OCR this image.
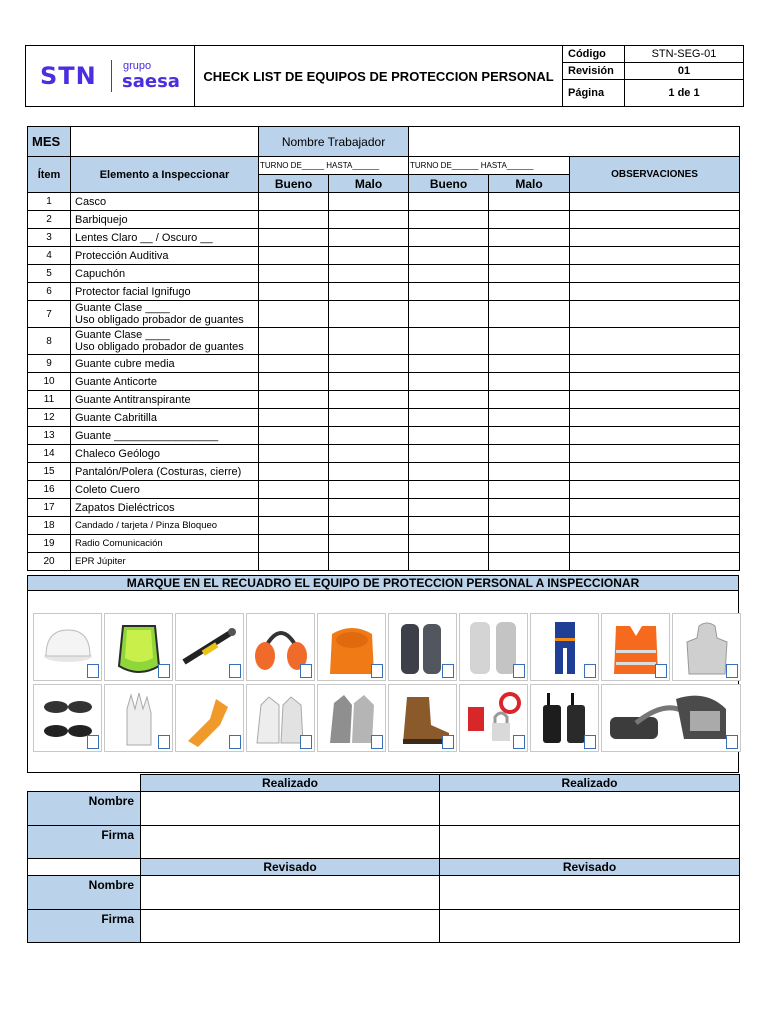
STN grupo
saesa	CHECK LIST DE EQUIPOS DE PROTECCION PERSONAL
Código	STN-SEG-01
Revisión	01
Página	1 de 1
MES		Nombre Trabajador				
Ítem	Elemento a Inspeccionar	TURNO DE_____ HASTA______		TURNO DE______ HASTA______		OBSERVACIONES
		Bueno	Malo	Bueno	Malo	
1	Casco					
2	Barbiquejo					
3	Lentes Claro __ / Oscuro __					
4	Protección Auditiva					
5	Capuchón					
6	Protector facial Ignifugo					
7	Guante Clase ____
Uso obligado probador de guantes					

8	Guante Clase ____
Uso obligado probador de guantes					

9	Guante cubre media					
10	Guante Anticorte					
11	Guante Antitranspirante					
12	Guante Cabritilla					
13	Guante _________________					
14	Chaleco Geólogo					
15	Pantalón/Polera (Costuras, cierre)					
16	Coleto Cuero					
17	Zapatos Dieléctricos					
18	Candado / tarjeta / Pinza Bloqueo					
19	Radio Comunicación					
20	EPR Júpiter					
MARQUE EN EL RECUADRO EL EQUIPO DE PROTECCION PERSONAL A INSPECCIONAR
	Realizado	Realizado
Nombre		
Firma		
	Revisado	Revisado
Nombre		
Firma		
